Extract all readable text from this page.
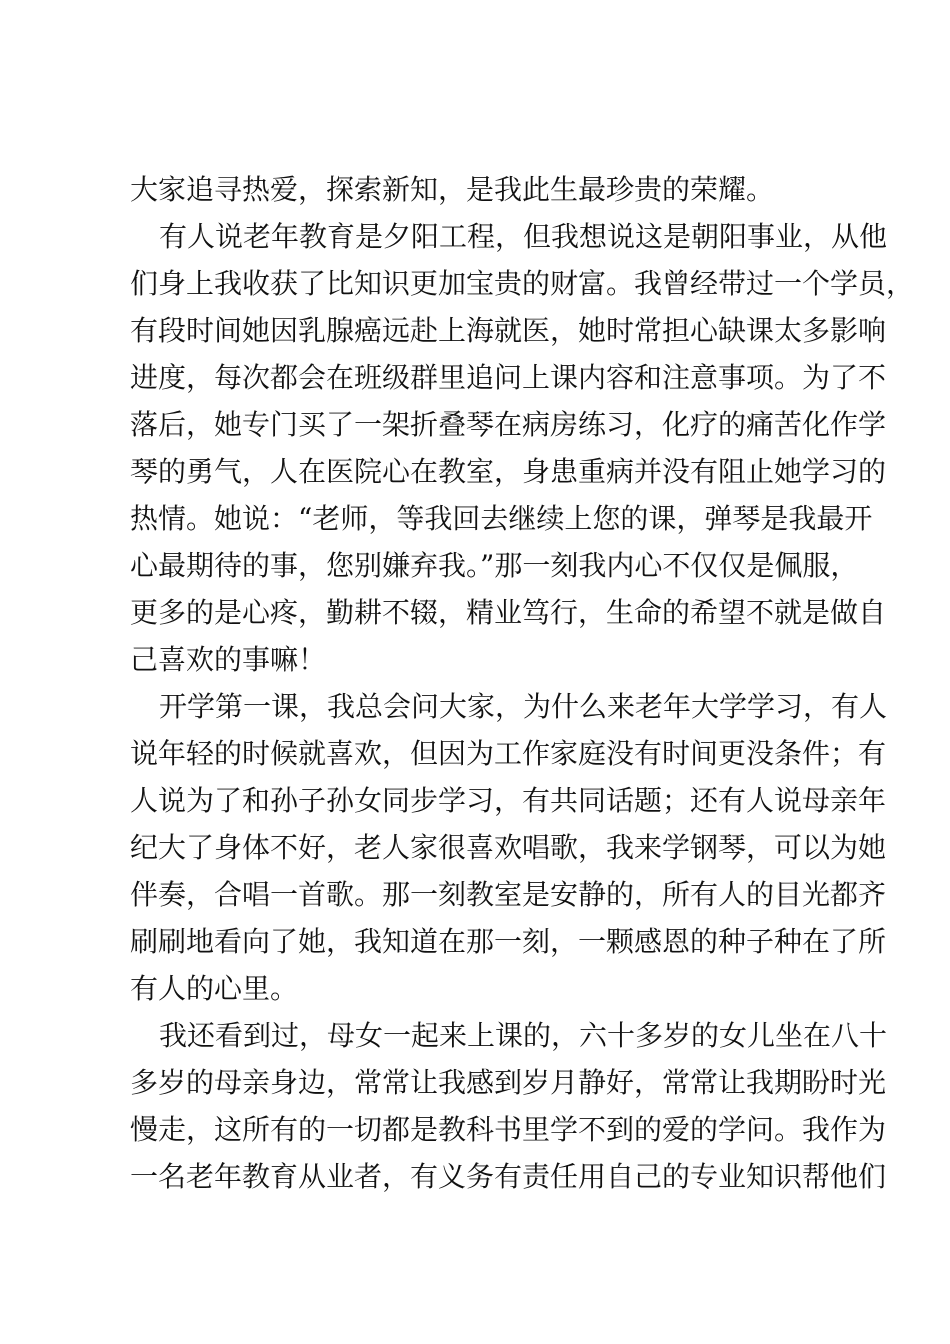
大家追寻热爱，探索新知，是我此生最珍贵的荣耀。
有人说老年教育是夕阳工程，但我想说这是朝阳事业，从他
们身上我收获了比知识更加宝贵的财富。我曾经带过一个学员，
有段时间她因乳腺癌远赴上海就医，她时常担心缺课太多影响
进度，每次都会在班级群里追问上课内容和注意事项。为了不
落后，她专门买了一架折叠琴在病房练习，化疗的痛苦化作学
琴的勇气，人在医院心在教室，身患重病并没有阻止她学习的
热情。她说：“老师，等我回去继续上您的课，弹琴是我最开
心最期待的事，您别嫌弃我。”那一刻我内心不仅仅是佩服，
更多的是心疼，勤耕不辍，精业笃行，生命的希望不就是做自
己喜欢的事嘛！
开学第一课，我总会问大家，为什么来老年大学学习，有人
说年轻的时候就喜欢，但因为工作家庭没有时间更没条件；有
人说为了和孙子孙女同步学习，有共同话题；还有人说母亲年
纪大了身体不好，老人家很喜欢唱歌，我来学钢琴，可以为她
伴奏，合唱一首歌。那一刻教室是安静的，所有人的目光都齐
刷刷地看向了她，我知道在那一刻，一颗感恩的种子种在了所
有人的心里。
我还看到过，母女一起来上课的，六十多岁的女儿坐在八十
多岁的母亲身边，常常让我感到岁月静好，常常让我期盼时光
慢走，这所有的一切都是教科书里学不到的爱的学问。我作为
一名老年教育从业者，有义务有责任用自己的专业知识帮他们
